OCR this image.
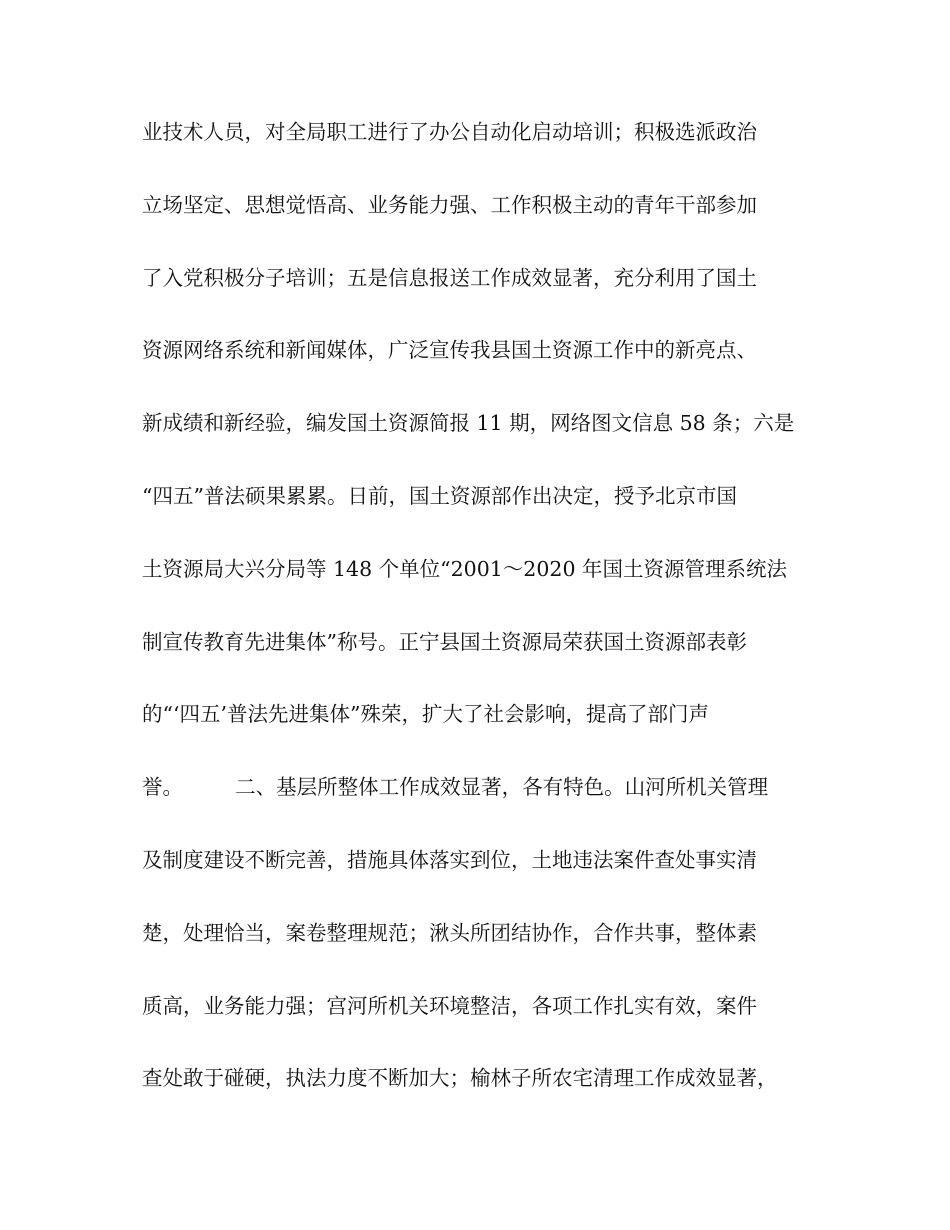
业技术人员，对全局职工进行了办公自动化启动培训；积极选派政治
立场坚定、思想觉悟高、业务能力强、工作积极主动的青年干部参加
了入党积极分子培训；五是信息报送工作成效显著，充分利用了国土
资源网络系统和新闻媒体，广泛宣传我县国土资源工作中的新亮点、
新成绩和新经验，编发国土资源简报 11 期，网络图文信息 58 条；六是
“四五”普法硕果累累。日前，国土资源部作出决定，授予北京市国
土资源局大兴分局等 148 个单位“2001～2020 年国土资源管理系统法
制宣传教育先进集体”称号。正宁县国土资源局荣获国土资源部表彰
的“‘四五’普法先进集体”殊荣，扩大了社会影响，提高了部门声
誉。        二、基层所整体工作成效显著，各有特色。山河所机关管理
及制度建设不断完善，措施具体落实到位，土地违法案件查处事实清
楚，处理恰当，案卷整理规范；湫头所团结协作，合作共事，整体素
质高，业务能力强；宫河所机关环境整洁，各项工作扎实有效，案件
查处敢于碰硬，执法力度不断加大；榆林子所农宅清理工作成效显著，
